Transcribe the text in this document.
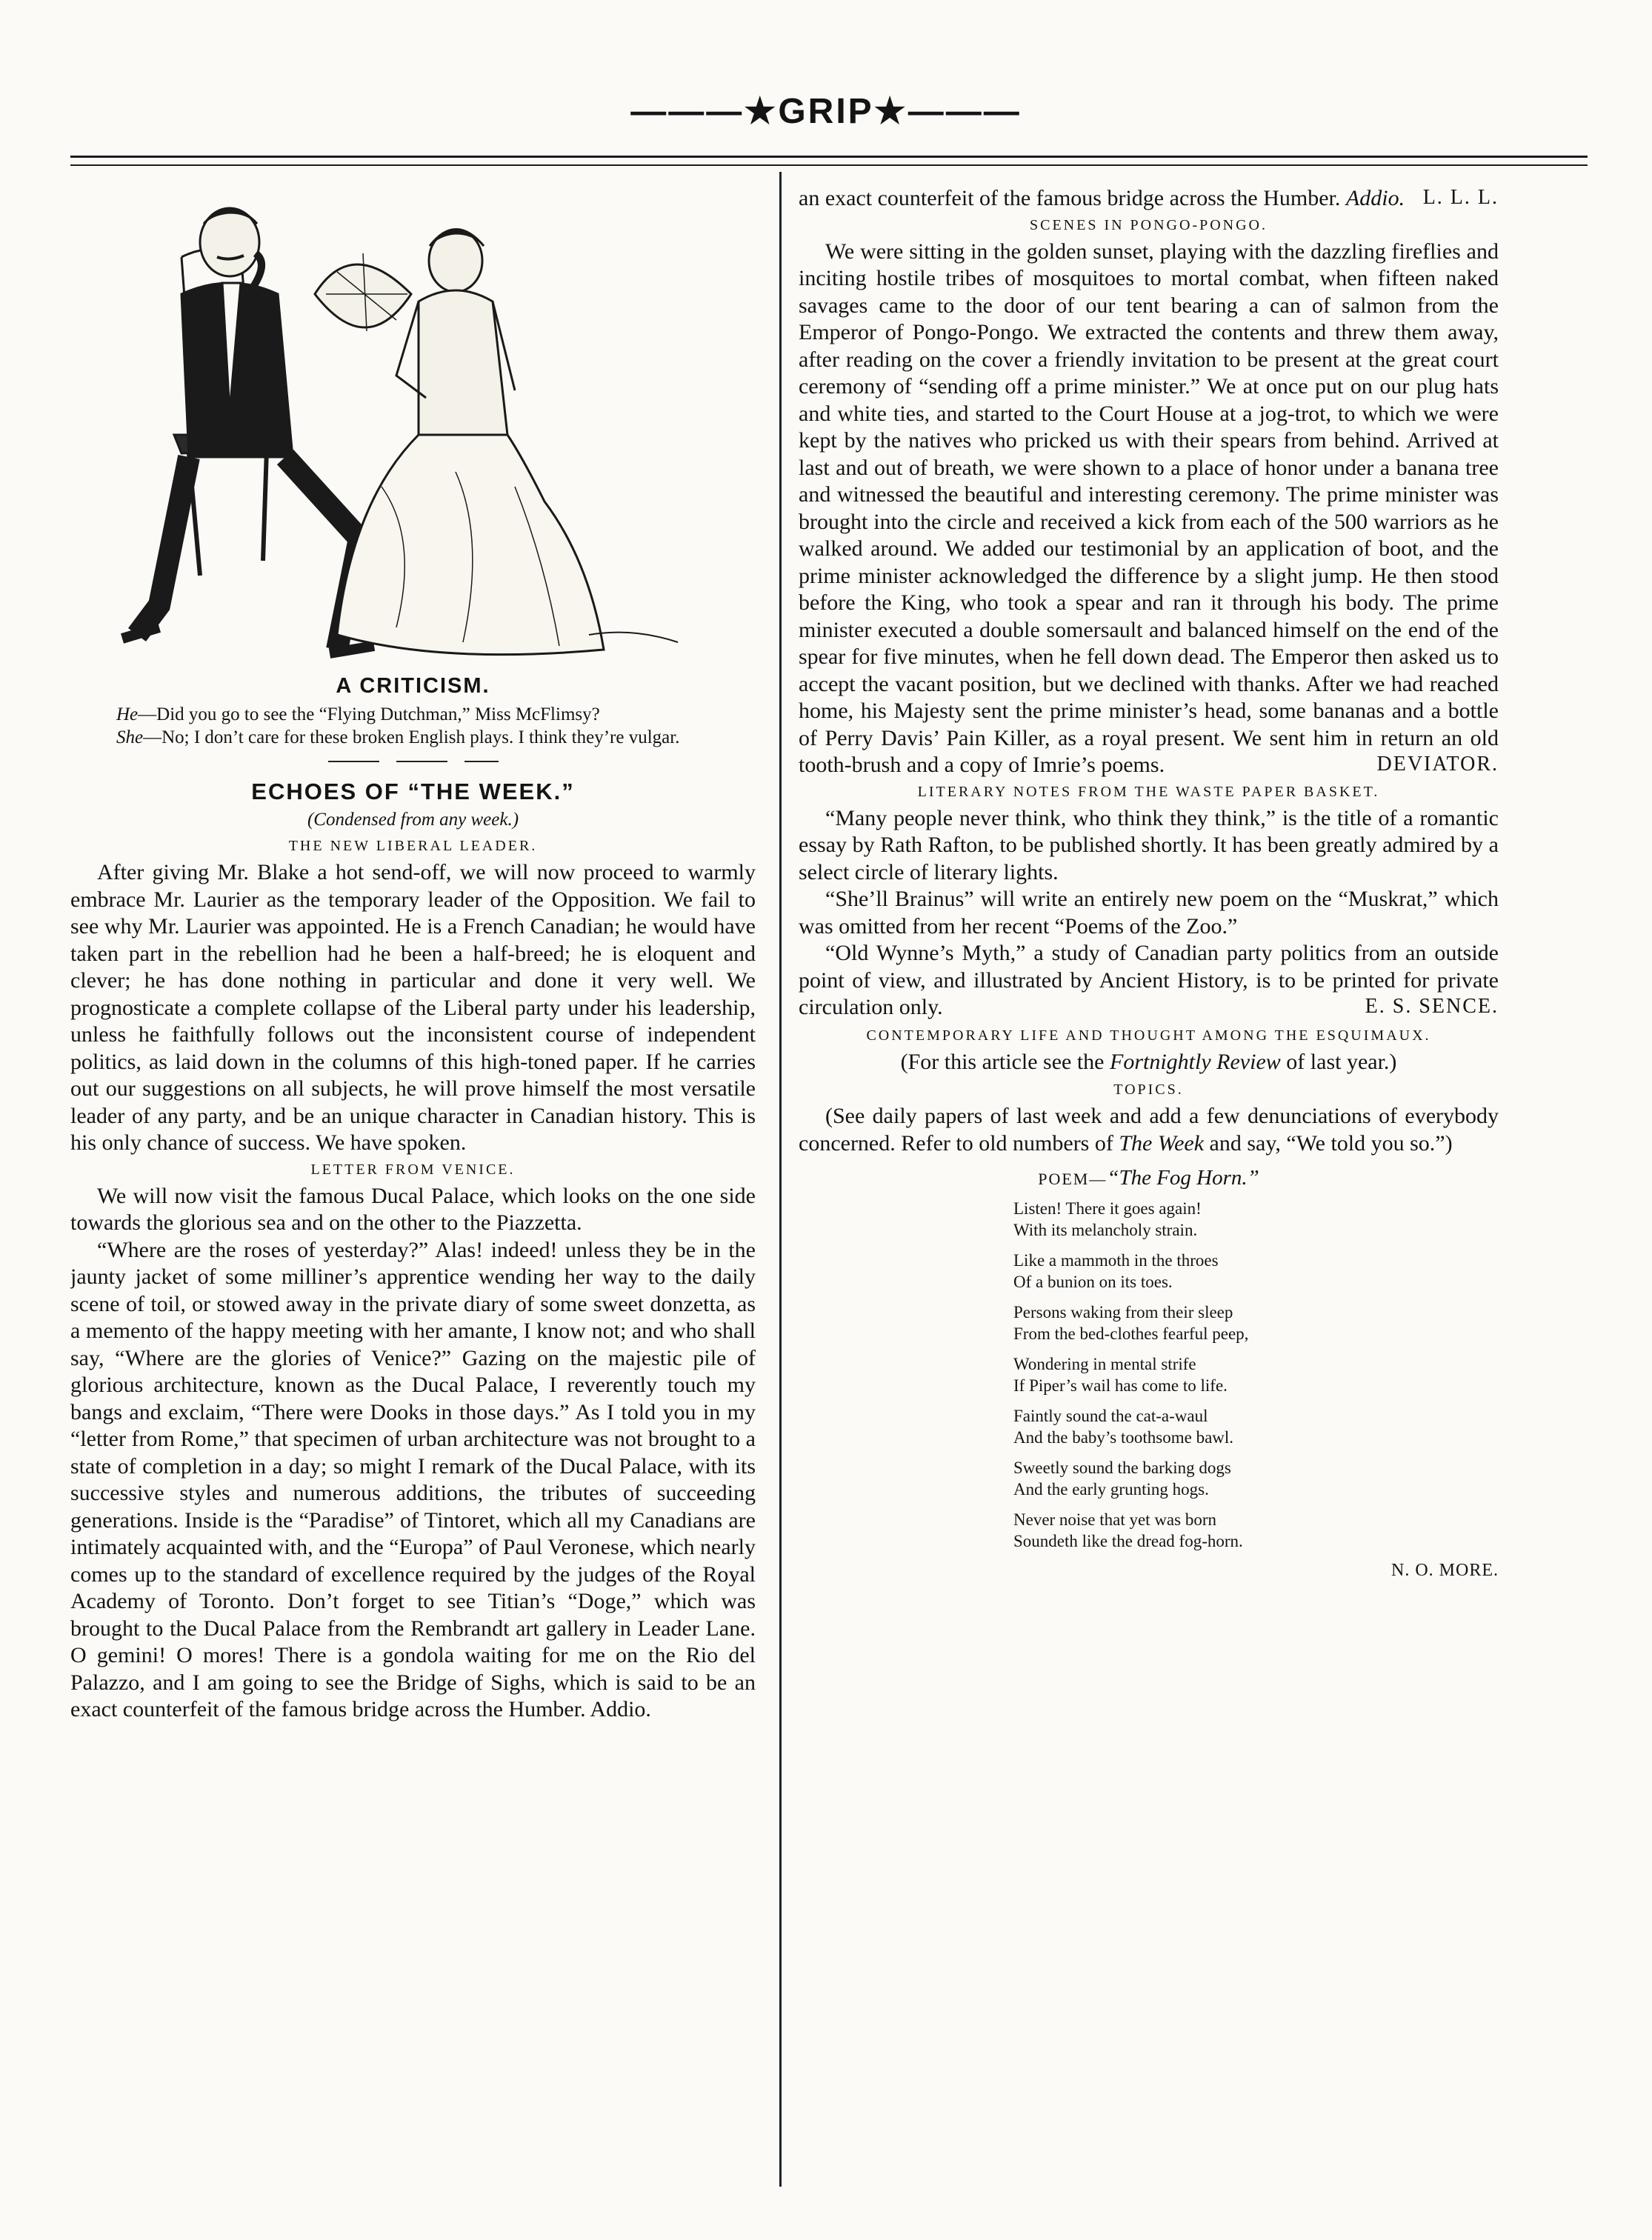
———★GRIP★———
A CRITICISM.

He—Did you go to see the “Flying Dutchman,” Miss McFlimsy?

She—No; I don’t care for these broken English plays. I think they’re vulgar.

ECHOES OF “THE WEEK.”
(Condensed from any week.)
THE NEW LIBERAL LEADER.

After giving Mr. Blake a hot send-off, we will now proceed to warmly embrace Mr. Laurier as the temporary leader of the Opposition. We fail to see why Mr. Laurier was appointed. He is a French Canadian; he would have taken part in the rebellion had he been a half-breed; he is eloquent and clever; he has done nothing in particular and done it very well. We prognosticate a complete collapse of the Liberal party under his leadership, unless he faithfully follows out the inconsistent course of independent politics, as laid down in the columns of this high-toned paper. If he carries out our suggestions on all subjects, he will prove himself the most versatile leader of any party, and be an unique character in Canadian history. This is his only chance of success. We have spoken.

LETTER FROM VENICE.

We will now visit the famous Ducal Palace, which looks on the one side towards the glorious sea and on the other to the Piazzetta.

“Where are the roses of yesterday?” Alas! indeed! unless they be in the jaunty jacket of some milliner’s apprentice wending her way to the daily scene of toil, or stowed away in the private diary of some sweet donzetta, as a memento of the happy meeting with her amante, I know not; and who shall say, “Where are the glories of Venice?” Gazing on the majestic pile of glorious architecture, known as the Ducal Palace, I reverently touch my bangs and exclaim, “There were Dooks in those days.” As I told you in my “letter from Rome,” that specimen of urban architecture was not brought to a state of completion in a day; so might I remark of the Ducal Palace, with its successive styles and numerous additions, the tributes of succeeding generations. Inside is the “Paradise” of Tintoret, which all my Canadians are intimately acquainted with, and the “Europa” of Paul Veronese, which nearly comes up to the standard of excellence required by the judges of the Royal Academy of Toronto. Don’t forget to see Titian’s “Doge,” which was brought to the Ducal Palace from the Rembrandt art gallery in Leader Lane. O gemini! O mores! There is a gondola waiting for me on the Rio del Palazzo, and I am going to see the Bridge of Sighs, which is said to be an exact counterfeit of the famous bridge across the Humber. Addio.

an exact counterfeit of the famous bridge across the Humber. Addio. L. L. L.
SCENES IN PONGO-PONGO.

We were sitting in the golden sunset, playing with the dazzling fireflies and inciting hostile tribes of mosquitoes to mortal combat, when fifteen naked savages came to the door of our tent bearing a can of salmon from the Emperor of Pongo-Pongo. We extracted the contents and threw them away, after reading on the cover a friendly invitation to be present at the great court ceremony of “sending off a prime minister.” We at once put on our plug hats and white ties, and started to the Court House at a jog-trot, to which we were kept by the natives who pricked us with their spears from behind. Arrived at last and out of breath, we were shown to a place of honor under a banana tree and witnessed the beautiful and interesting ceremony. The prime minister was brought into the circle and received a kick from each of the 500 warriors as he walked around. We added our testimonial by an application of boot, and the prime minister acknowledged the difference by a slight jump. He then stood before the King, who took a spear and ran it through his body. The prime minister executed a double somersault and balanced himself on the end of the spear for five minutes, when he fell down dead. The Emperor then asked us to accept the vacant position, but we declined with thanks. After we had reached home, his Majesty sent the prime minister’s head, some bananas and a bottle of Perry Davis’ Pain Killer, as a royal present. We sent him in return an old tooth-brush and a copy of Imrie’s poems.	DEVIATOR.
LITERARY NOTES FROM THE WASTE PAPER BASKET.

“Many people never think, who think they think,” is the title of a romantic essay by Rath Rafton, to be published shortly. It has been greatly admired by a select circle of literary lights.

“She’ll Brainus” will write an entirely new poem on the “Muskrat,” which was omitted from her recent “Poems of the Zoo.”

“Old Wynne’s Myth,” a study of Canadian party politics from an outside point of view, and illustrated by Ancient History, is to be printed for private circulation only.	E. S. SENCE.
CONTEMPORARY LIFE AND THOUGHT AMONG THE ESQUIMAUX.

(For this article see the Fortnightly Review of last year.)

TOPICS.

(See daily papers of last week and add a few denunciations of everybody concerned. Refer to old numbers of The Week and say, “We told you so.”)

POEM—“The Fog Horn.”
Listen! There it goes again!
With its melancholy strain.
Like a mammoth in the throes
Of a bunion on its toes.
Persons waking from their sleep
From the bed-clothes fearful peep,
Wondering in mental strife
If Piper’s wail has come to life.
Faintly sound the cat-a-waul
And the baby’s toothsome bawl.
Sweetly sound the barking dogs
And the early grunting hogs.
Never noise that yet was born
Soundeth like the dread fog-horn.
N. O. MORE.
